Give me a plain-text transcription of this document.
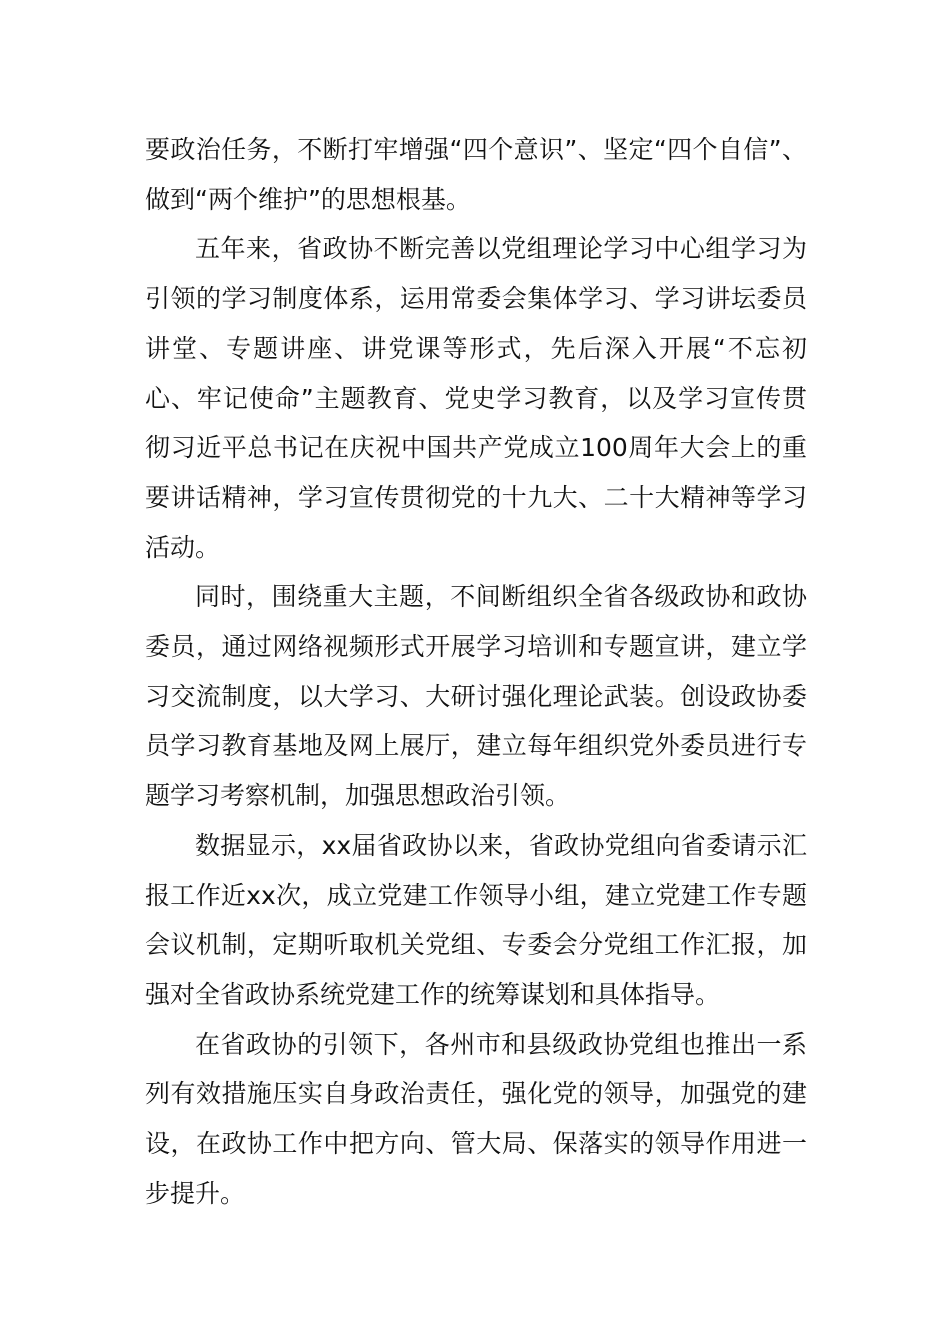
要政治任务，不断打牢增强“四个意识”、坚定“四个自信”、做到“两个维护”的思想根基。

五年来，省政协不断完善以党组理论学习中心组学习为引领的学习制度体系，运用常委会集体学习、学习讲坛委员讲堂、专题讲座、讲党课等形式，先后深入开展“不忘初心、牢记使命”主题教育、党史学习教育，以及学习宣传贯彻习近平总书记在庆祝中国共产党成立100周年大会上的重要讲话精神，学习宣传贯彻党的十九大、二十大精神等学习活动。

同时，围绕重大主题，不间断组织全省各级政协和政协委员，通过网络视频形式开展学习培训和专题宣讲，建立学习交流制度，以大学习、大研讨强化理论武装。创设政协委员学习教育基地及网上展厅，建立每年组织党外委员进行专题学习考察机制，加强思想政治引领。

数据显示，xx届省政协以来，省政协党组向省委请示汇报工作近xx次，成立党建工作领导小组，建立党建工作专题会议机制，定期听取机关党组、专委会分党组工作汇报，加强对全省政协系统党建工作的统筹谋划和具体指导。

在省政协的引领下，各州市和县级政协党组也推出一系列有效措施压实自身政治责任，强化党的领导，加强党的建设，在政协工作中把方向、管大局、保落实的领导作用进一步提升。
